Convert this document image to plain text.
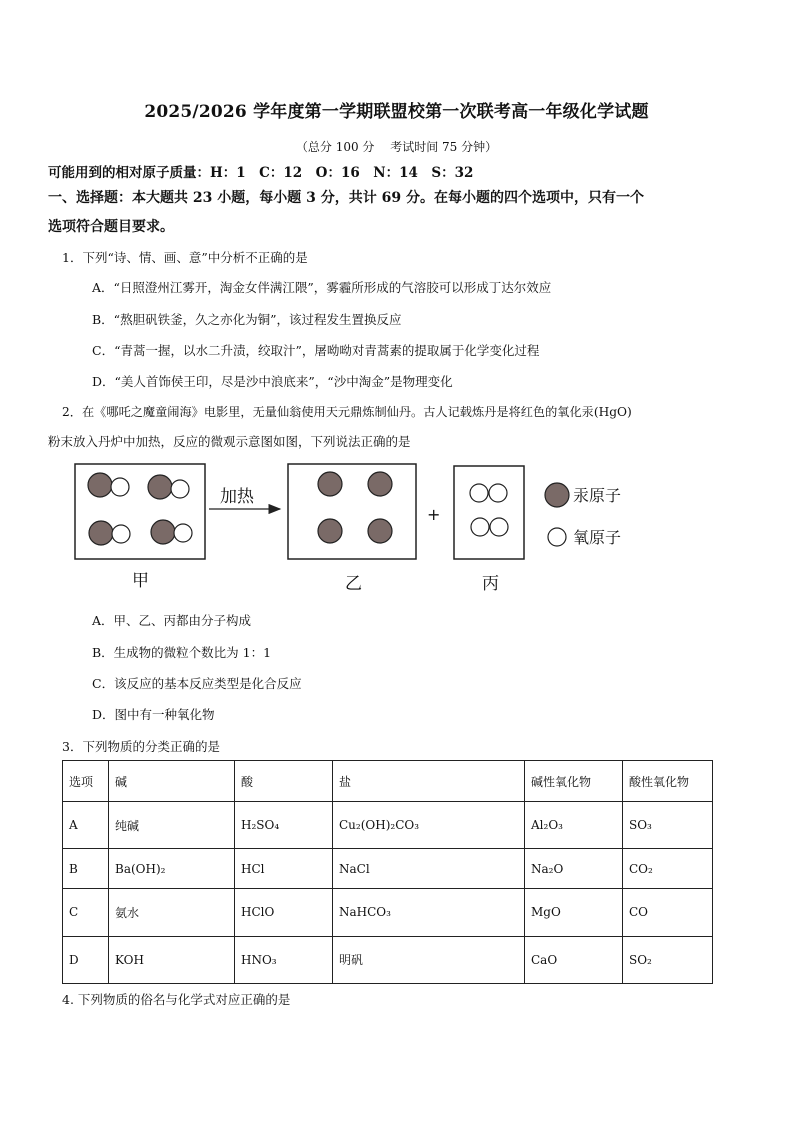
2025/2026 学年度第一学期联盟校第一次联考高一年级化学试题
（总分 100 分　 考试时间 75 分钟）
可能用到的相对原子质量：H：1　C：12　O：16　N：14　S：32
一、选择题：本大题共 23 小题，每小题 3 分，共计 69 分。在每小题的四个选项中，只有一个
选项符合题目要求。
1．下列“诗、情、画、意”中分析不正确的是
A．“日照澄州江雾开，淘金女伴满江隈”，雾霾所形成的气溶胶可以形成丁达尔效应
B．“熬胆矾铁釜，久之亦化为铜”，该过程发生置换反应
C．“青蒿一握，以水二升渍，绞取汁”，屠呦呦对青蒿素的提取属于化学变化过程
D．“美人首饰侯王印，尽是沙中浪底来”，“沙中淘金”是物理变化
2．在《哪吒之魔童闹海》电影里，无量仙翁使用天元鼎炼制仙丹。古人记载炼丹是将红色的氧化汞(HgO)
粉末放入丹炉中加热，反应的微观示意图如图，下列说法正确的是
加热
+
汞原子
氧原子
甲	乙	丙
A．甲、乙、丙都由分子构成
B．生成物的微粒个数比为 1：1
C．该反应的基本反应类型是化合反应
D．图中有一种氧化物
3．下列物质的分类正确的是
选项	碱	酸	盐	碱性氧化物	酸性氧化物
A	纯碱	H₂SO₄	Cu₂(OH)₂CO₃	Al₂O₃	SO₃
B	Ba(OH)₂	HCl	NaCl	Na₂O	CO₂
C	氨水	HClO	NaHCO₃	MgO	CO
D	KOH	HNO₃	明矾	CaO	SO₂
4. 下列物质的俗名与化学式对应正确的是
